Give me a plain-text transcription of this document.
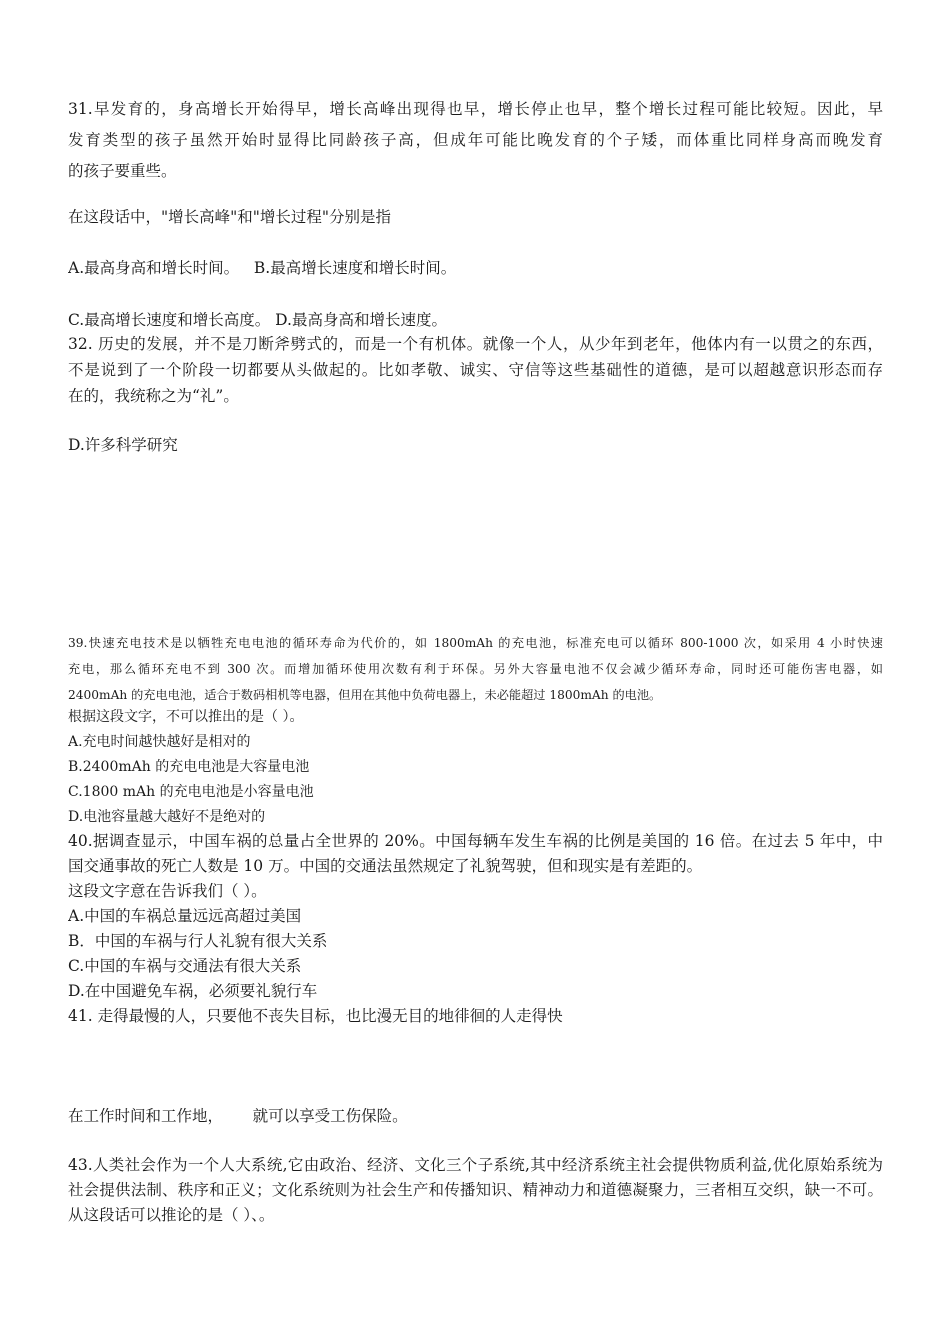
31.早发育的，身高增长开始得早，增长高峰出现得也早，增长停止也早，整个增长过程可能比较短。因此，早
发育类型的孩子虽然开始时显得比同龄孩子高，但成年可能比晚发育的个子矮，而体重比同样身高而晚发育
的孩子要重些。
在这段话中，"增长高峰"和"增长过程"分别是指
A.最高身高和增长时间。   B.最高增长速度和增长时间。
C.最高增长速度和增长高度。 D.最高身高和增长速度。
32. 历史的发展，并不是刀断斧劈式的，而是一个有机体。就像一个人，从少年到老年，他体内有一以贯之的东西，
不是说到了一个阶段一切都要从头做起的。比如孝敬、诚实、守信等这些基础性的道德，是可以超越意识形态而存
在的，我统称之为“礼”。
D.许多科学研究
39.快速充电技术是以牺牲充电电池的循环寿命为代价的，如 1800mAh 的充电池，标准充电可以循环 800-1000 次，如采用 4 小时快速
充电，那么循环充电不到 300 次。而增加循环使用次数有利于环保。另外大容量电池不仅会减少循环寿命，同时还可能伤害电器，如
2400mAh 的充电电池，适合于数码相机等电器，但用在其他中负荷电器上，未必能超过 1800mAh 的电池。
根据这段文字，不可以推出的是（ ）。
A.充电时间越快越好是相对的
B.2400mAh 的充电电池是大容量电池
C.1800 mAh 的充电电池是小容量电池
D.电池容量越大越好不是绝对的
40.据调查显示，中国车祸的总量占全世界的 20%。中国每辆车发生车祸的比例是美国的 16 倍。在过去 5 年中，中
国交通事故的死亡人数是 10 万。中国的交通法虽然规定了礼貌驾驶，但和现实是有差距的。
这段文字意在告诉我们（ ）。
A.中国的车祸总量远远高超过美国
B．中国的车祸与行人礼貌有很大关系
C.中国的车祸与交通法有很大关系
D.在中国避免车祸，必须要礼貌行车
41. 走得最慢的人，只要他不丧失目标，也比漫无目的地徘徊的人走得快
在工作时间和工作地，      就可以享受工伤保险。
43.人类社会作为一个人大系统,它由政治、经济、文化三个子系统,其中经济系统主社会提供物质利益,优化原始系统为
社会提供法制、秩序和正义；文化系统则为社会生产和传播知识、精神动力和道德凝聚力，三者相互交织，缺一不可。
从这段话可以推论的是（ ）、。
